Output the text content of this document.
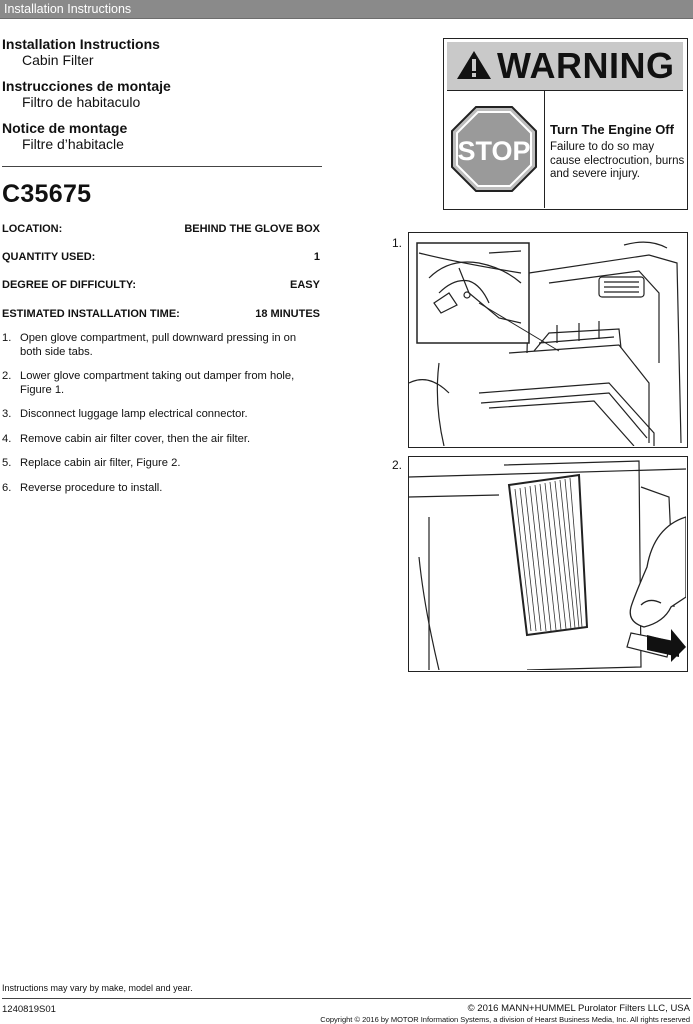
Installation Instructions
Installation Instructions
Cabin Filter
Instrucciones de montaje
Filtro de habitaculo
Notice de montage
Filtre d’habitacle
C35675
LOCATION:	BEHIND THE GLOVE BOX
QUANTITY USED:	1
DEGREE OF DIFFICULTY:	EASY
ESTIMATED INSTALLATION TIME:	18 MINUTES
1. Open glove compartment, pull downward pressing in on both side tabs.
2. Lower glove compartment taking out damper from hole, Figure 1.
3. Disconnect luggage lamp electrical connector.
4. Remove cabin air filter cover, then the air filter.
5. Replace cabin air filter, Figure 2.
6. Reverse procedure to install.
WARNING
STOP
Turn The Engine Off
Failure to do so may cause electrocution, burns and severe injury.
1.
2.
Instructions may vary by make, model and year.
1240819S01	© 2016 MANN+HUMMEL Purolator Filters LLC, USA
Copyright © 2016 by MOTOR Information Systems, a division of Hearst Business Media, Inc. All rights reserved
